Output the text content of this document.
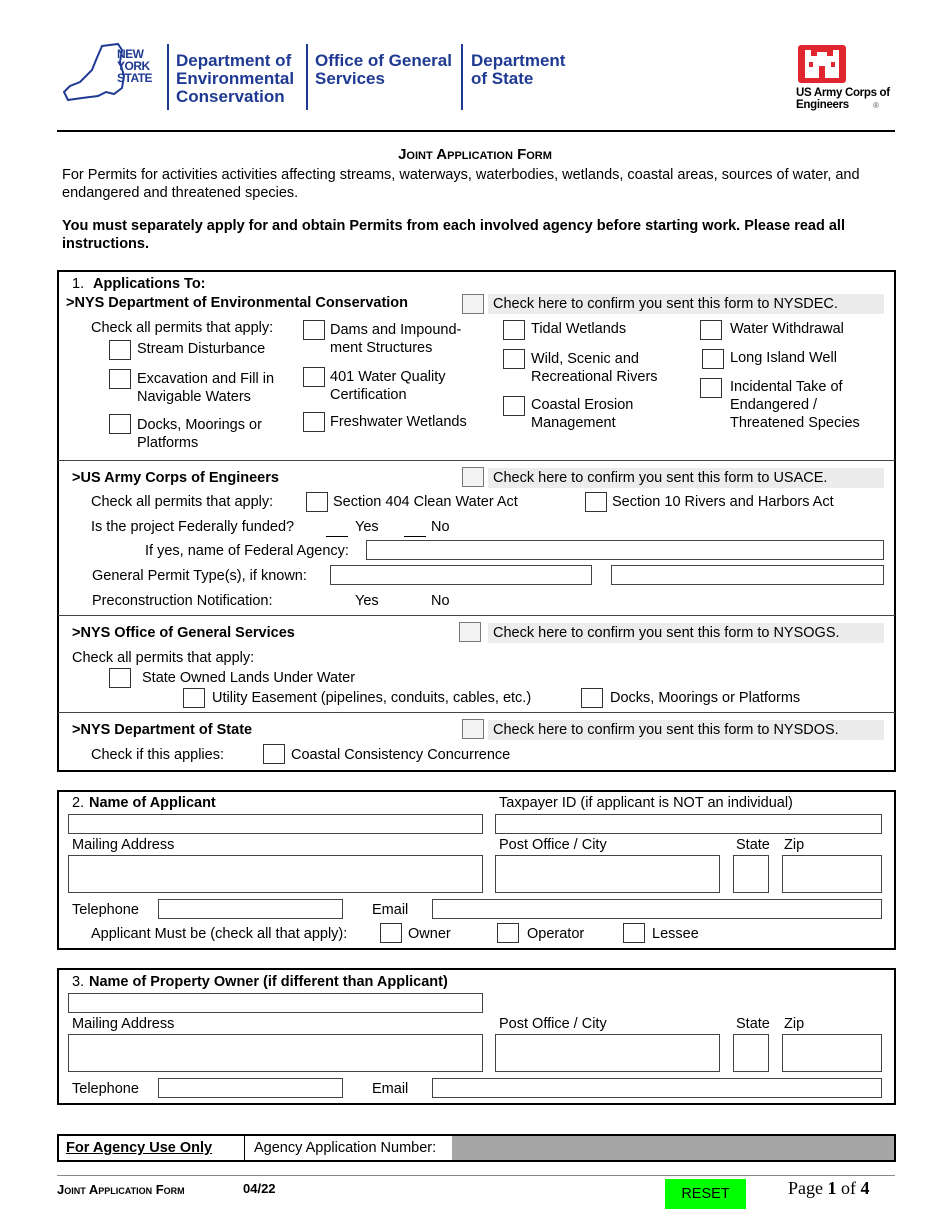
NEW YORK STATE
Department of Environmental Conservation
Office of General Services
Department of State
US Army Corps of Engineers	®
Joint Application Form
For Permits for activities activities affecting streams, waterways, waterbodies, wetlands, coastal areas, sources of water, and endangered and threatened species.
You must separately apply for and obtain Permits from each involved agency before starting work. Please read all instructions.
1. Applications To:
>NYS Department of Environmental Conservation	Check here to confirm you sent this form to NYSDEC.
Check all permits that apply:
Stream Disturbance
Excavation and Fill in Navigable Waters
Docks, Moorings or Platforms
Dams and Impound- ment Structures
401 Water Quality Certification
Freshwater Wetlands
Tidal Wetlands
Wild, Scenic and Recreational Rivers
Coastal Erosion Management
Water Withdrawal
Long Island Well
Incidental Take of Endangered / Threatened Species
>US Army Corps of Engineers	Check here to confirm you sent this form to USACE.
Check all permits that apply:	Section 404 Clean Water Act	Section 10 Rivers and Harbors Act
Is the project Federally funded?	Yes	No
If yes, name of Federal Agency:
General Permit Type(s), if known:
Preconstruction Notification:	Yes	No
>NYS Office of General Services	Check here to confirm you sent this form to NYSOGS.
Check all permits that apply:
State Owned Lands Under Water
Utility Easement (pipelines, conduits, cables, etc.)	Docks, Moorings or Platforms
>NYS Department of State	Check here to confirm you sent this form to NYSDOS.
Check if this applies:	Coastal Consistency Concurrence
2. Name of Applicant	Taxpayer ID (if applicant is NOT an individual)
Mailing Address	Post Office / City	State Zip
Telephone	Email
Applicant Must be (check all that apply):	Owner	Operator	Lessee
3. Name of Property Owner (if different than Applicant)
Mailing Address	Post Office / City	State Zip
Telephone	Email
For Agency Use Only	Agency Application Number:
Joint Application Form	04/22	RESET	Page 1 of 4
